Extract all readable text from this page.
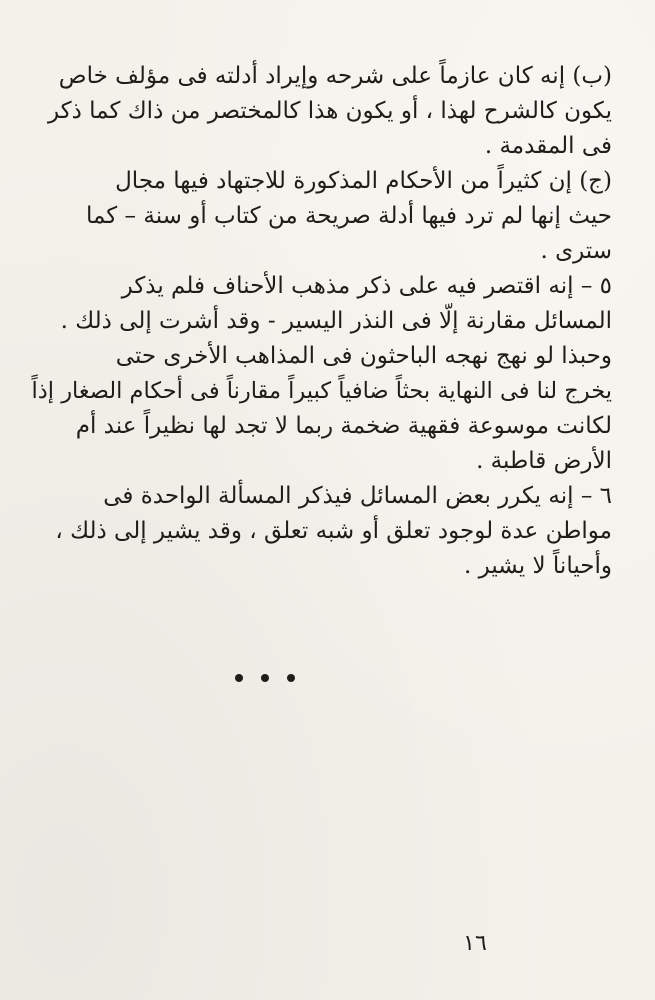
(ب) إنه كان عازماً على شرحه وإيراد أدلته فى مؤلف خاص
يكون كالشرح لهذا ، أو يكون هذا كالمختصر من ذاك كما ذكر
فى المقدمة .
(ج) إن كثيراً من الأحكام المذكورة للاجتهاد فيها مجال
حيث إنها لم ترد فيها أدلة صريحة من كتاب أو سنة – كما
سترى .
٥ – إنه اقتصر فيه على ذكر مذهب الأحناف فلم يذكر
المسائل مقارنة إلّا فى النذر اليسير - وقد أشرت إلى ذلك .
وحبذا لو نهج نهجه الباحثون فى المذاهب الأخرى حتى
يخرج لنا فى النهاية بحثاً ضافياً كبيراً مقارناً فى أحكام الصغار إذاً
لكانت موسوعة فقهية ضخمة ربما لا تجد لها نظيراً عند أم
الأرض قاطبة .
٦ – إنه يكرر بعض المسائل فيذكر المسألة الواحدة فى
مواطن عدة لوجود تعلق أو شبه تعلق ، وقد يشير إلى ذلك ،
وأحياناً لا يشير .
١٦
